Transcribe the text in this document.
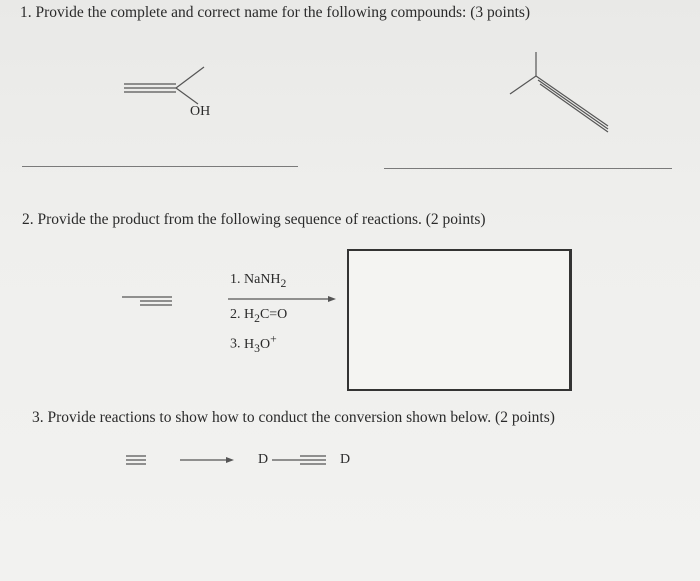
1. Provide the complete and correct name for the following compounds: (3 points)
OH
2. Provide the product from the following sequence of reactions. (2 points)
1. NaNH$_2$
2. $H_2C=O$
3. $H_3O^+$
3. Provide reactions to show how to conduct the conversion shown below. (2 points)
D	D
